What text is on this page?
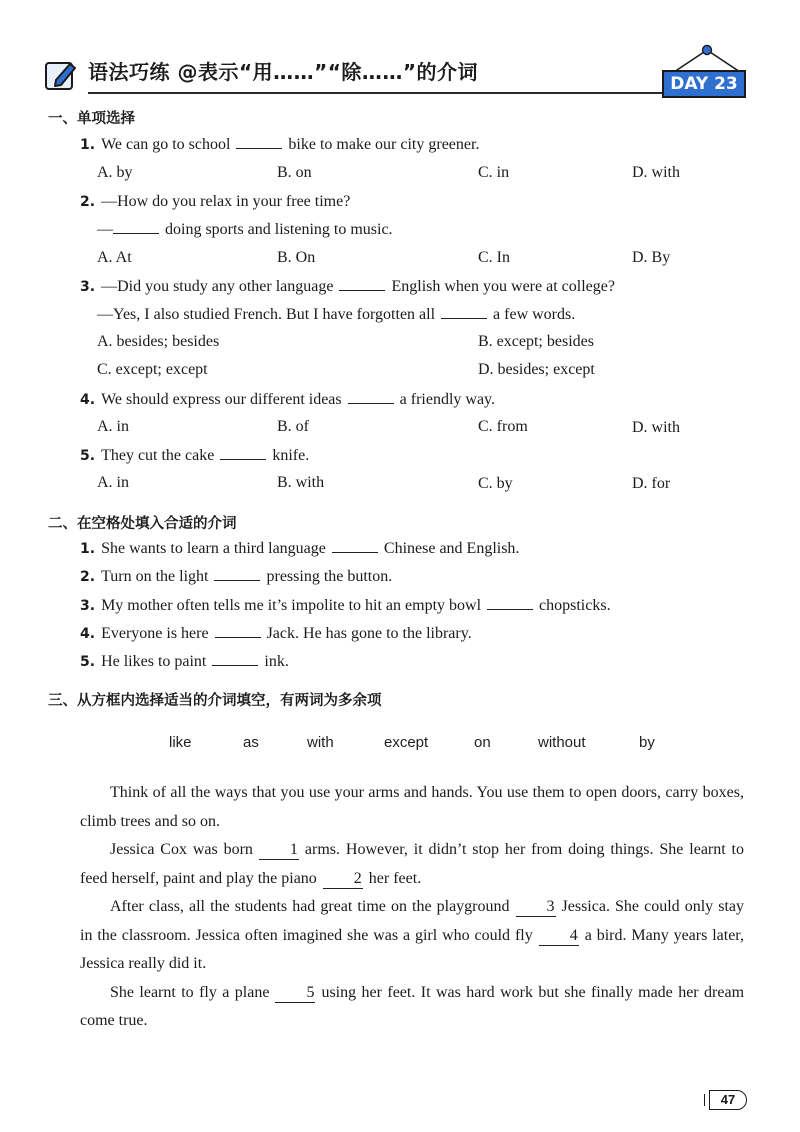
语法巧练 @表示“用……”“除……”的介词	DAY 23
一、单项选择
1. We can go to school	bike to make our city greener.
A. by	B. on	C. in	D. with
2. —How do you relax in your free time?
—	doing sports and listening to music.
A. At	B. On	C. In	D. By
3. —Did you study any other language	English when you were at college?
—Yes, I also studied French. But I have forgotten all	a few words.
A. besides; besides	B. except; besides
C. except; except	D. besides; except
4. We should express our different ideas	a friendly way.
A. in	B. of	C. from	D. with
5. They cut the cake	knife.
A. in	B. with	C. by	D. for
二、在空格处填入合适的介词
1. She wants to learn a third language	Chinese and English.
2. Turn on the light	pressing the button.
3. My mother often tells me it’s impolite to hit an empty bowl	chopsticks.
4. Everyone is here	Jack. He has gone to the library.
5. He likes to paint	ink.
三、从方框内选择适当的介词填空，有两词为多余项
like	as	with	except	on	without	by

Think of all the ways that you use your arms and hands. You use them to open doors, carry boxes, climb trees and so on.

Jessica Cox was born 1 arms. However, it didn’t stop her from doing things. She learnt to feed herself, paint and play the piano 2 her feet.

After class, all the students had great time on the playground 3 Jessica. She could only stay in the classroom. Jessica often imagined she was a girl who could fly 4 a bird. Many years later, Jessica really did it.

She learnt to fly a plane 5 using her feet. It was hard work but she finally made her dream come true.

47
